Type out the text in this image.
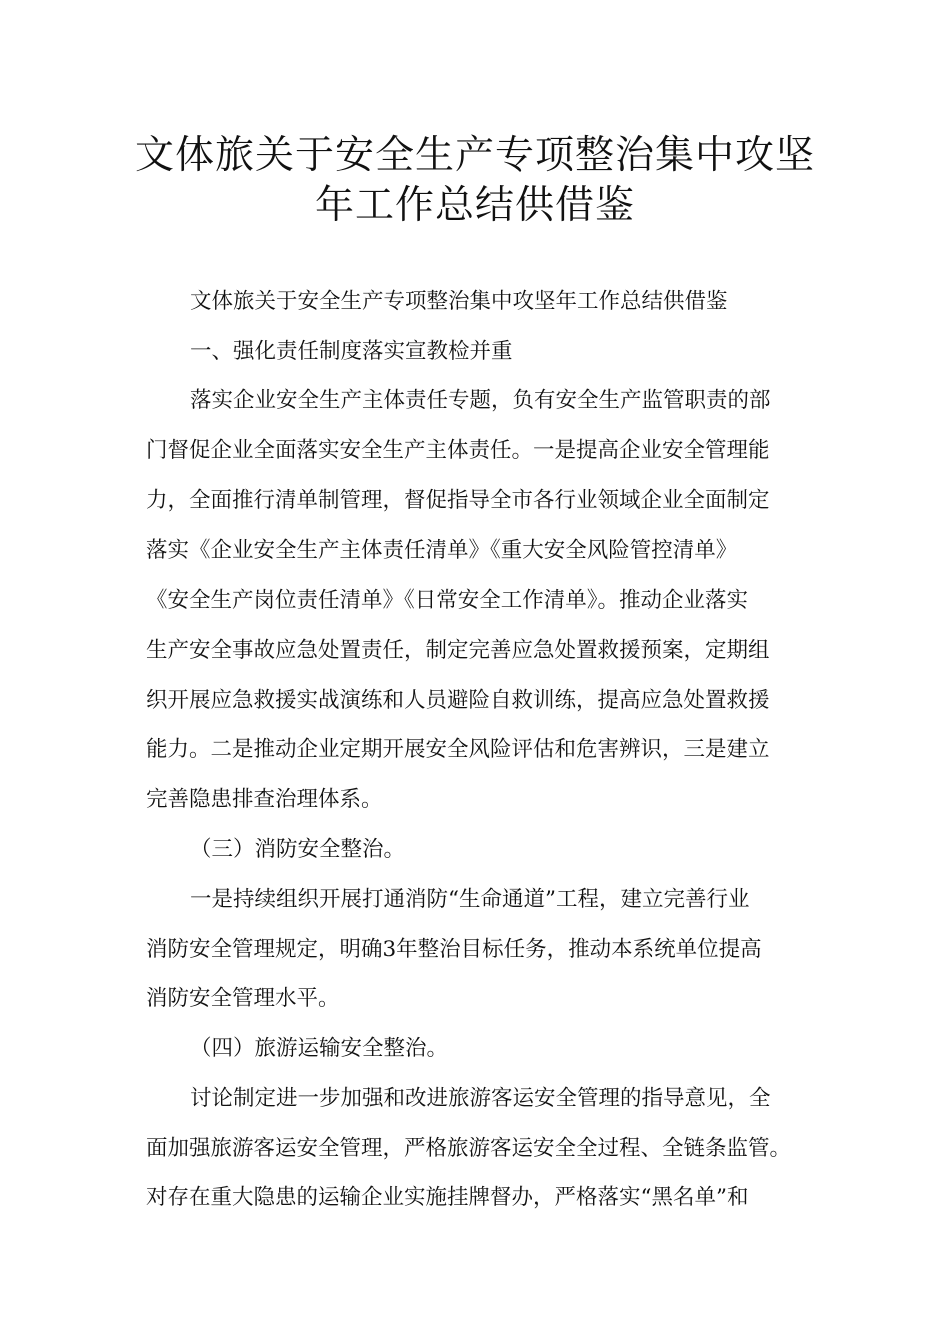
文体旅关于安全生产专项整治集中攻坚
年工作总结供借鉴

文体旅关于安全生产专项整治集中攻坚年工作总结供借鉴

一、强化责任制度落实宣教检并重

落实企业安全生产主体责任专题，负有安全生产监管职责的部

门督促企业全面落实安全生产主体责任。一是提高企业安全管理能

力，全面推行清单制管理，督促指导全市各行业领域企业全面制定

落实《企业安全生产主体责任清单》《重大安全风险管控清单》

《安全生产岗位责任清单》《日常安全工作清单》。推动企业落实

生产安全事故应急处置责任，制定完善应急处置救援预案，定期组

织开展应急救援实战演练和人员避险自救训练，提高应急处置救援

能力。二是推动企业定期开展安全风险评估和危害辨识，三是建立

完善隐患排查治理体系。

（三）消防安全整治。

一是持续组织开展打通消防“生命通道”工程，建立完善行业

消防安全管理规定，明确3年整治目标任务，推动本系统单位提高

消防安全管理水平。

（四）旅游运输安全整治。

讨论制定进一步加强和改进旅游客运安全管理的指导意见，全

面加强旅游客运安全管理，严格旅游客运安全全过程、全链条监管。

对存在重大隐患的运输企业实施挂牌督办，严格落实“黑名单”和
